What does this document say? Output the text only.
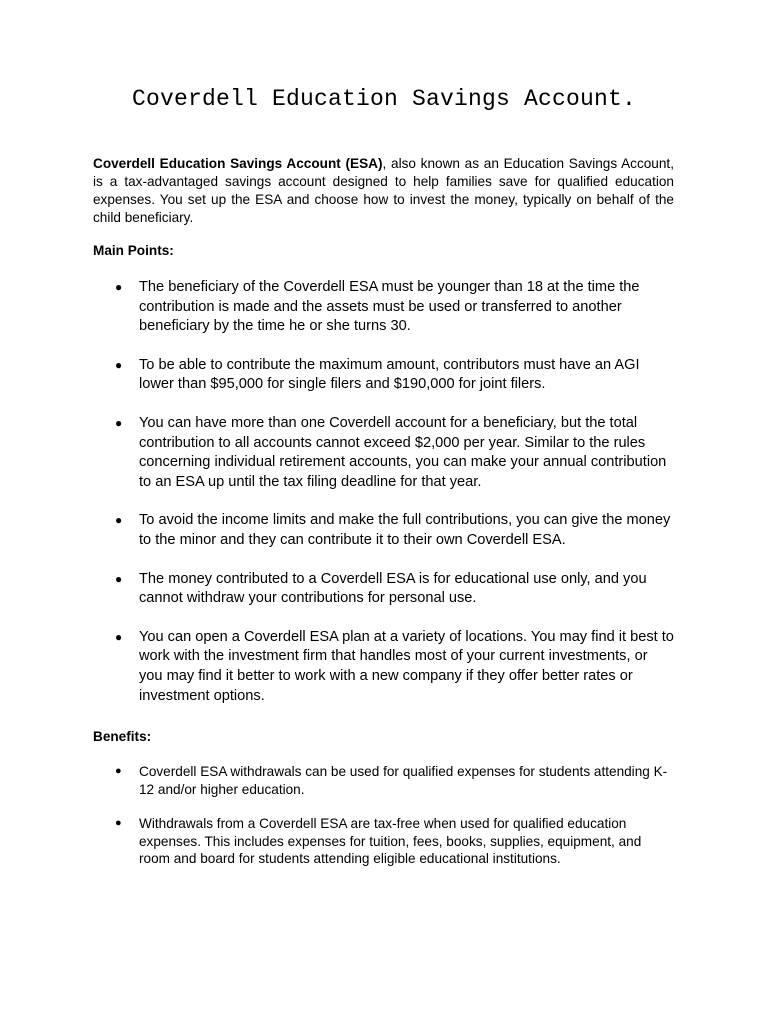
Coverdell Education Savings Account.

Coverdell Education Savings Account (ESA), also known as an Education Savings Account, is a tax-advantaged savings account designed to help families save for qualified education expenses. You set up the ESA and choose how to invest the money, typically on behalf of the child beneficiary.

Main Points:

● The beneficiary of the Coverdell ESA must be younger than 18 at the time the contribution is made and the assets must be used or transferred to another beneficiary by the time he or she turns 30.
● To be able to contribute the maximum amount, contributors must have an AGI lower than $95,000 for single filers and $190,000 for joint filers.
● You can have more than one Coverdell account for a beneficiary, but the total contribution to all accounts cannot exceed $2,000 per year. Similar to the rules concerning individual retirement accounts, you can make your annual contribution to an ESA up until the tax filing deadline for that year.
● To avoid the income limits and make the full contributions, you can give the money to the minor and they can contribute it to their own Coverdell ESA.
● The money contributed to a Coverdell ESA is for educational use only, and you cannot withdraw your contributions for personal use.
● You can open a Coverdell ESA plan at a variety of locations. You may find it best to work with the investment firm that handles most of your current investments, or you may find it better to work with a new company if they offer better rates or investment options.

Benefits:

● Coverdell ESA withdrawals can be used for qualified expenses for students attending K-12 and/or higher education.
● Withdrawals from a Coverdell ESA are tax-free when used for qualified education expenses. This includes expenses for tuition, fees, books, supplies, equipment, and room and board for students attending eligible educational institutions.
